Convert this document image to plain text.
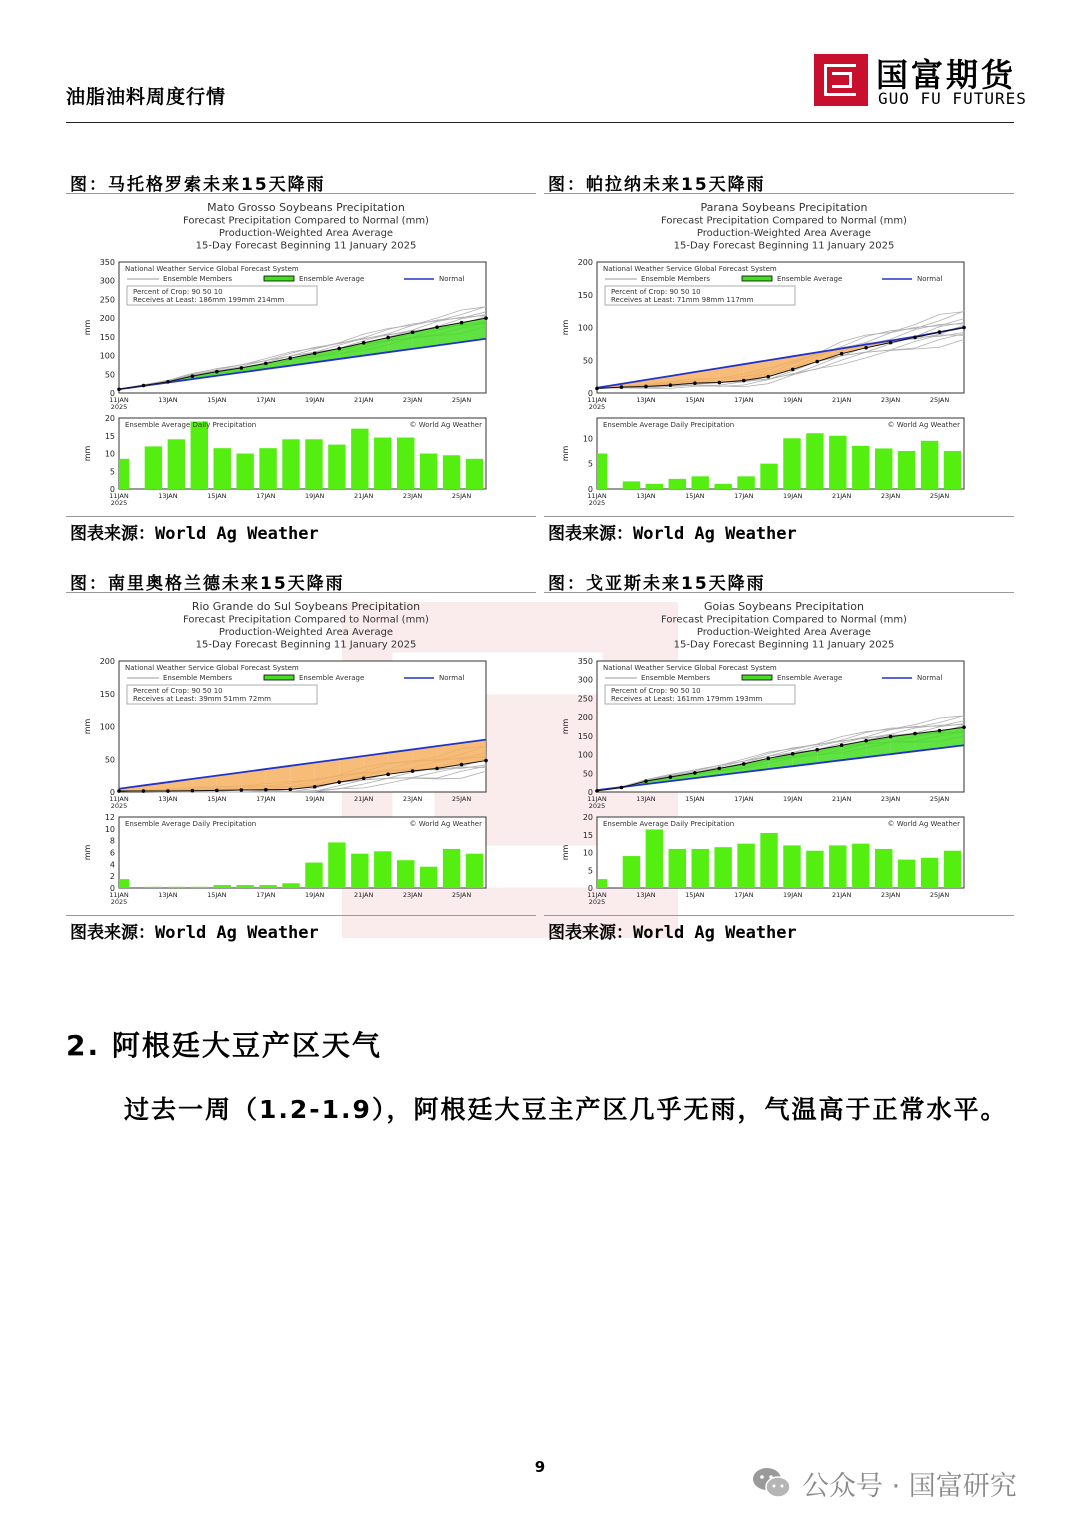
油脂油料周度行情
国富期货
GUO FU FUTURES
图：马托格罗索未来15天降雨
Mato Grosso Soybeans Precipitation
Forecast Precipitation Compared to Normal (mm)
Production-Weighted Area Average
15-Day Forecast Beginning 11 January 2025
0
50
100
150
200
250
300
350
mm
11JAN
2025
13JAN	15JAN	17JAN	19JAN	21JAN	23JAN	25JAN
National Weather Service Global Forecast System
Ensemble Members	Ensemble Average	Normal
Percent of Crop: 90 50 10
Receives at Least: 186mm 199mm 214mm
Ensemble Average Daily Precipitation	© World Ag Weather
0
5
10
15
20
mm
11JAN
2025
13JAN	15JAN	17JAN	19JAN	21JAN	23JAN	25JAN
图表来源：World Ag Weather
图：帕拉纳未来15天降雨
Parana Soybeans Precipitation
Forecast Precipitation Compared to Normal (mm)
Production-Weighted Area Average
15-Day Forecast Beginning 11 January 2025
0
50
100
150
200
mm
11JAN
2025
13JAN	15JAN	17JAN	19JAN	21JAN	23JAN	25JAN
National Weather Service Global Forecast System
Ensemble Members	Ensemble Average	Normal
Percent of Crop: 90 50 10
Receives at Least: 71mm 98mm 117mm
Ensemble Average Daily Precipitation	© World Ag Weather
0
5
10
mm
11JAN
2025
13JAN	15JAN	17JAN	19JAN	21JAN	23JAN	25JAN
图表来源：World Ag Weather
图：南里奥格兰德未来15天降雨
Rio Grande do Sul Soybeans Precipitation
Forecast Precipitation Compared to Normal (mm)
Production-Weighted Area Average
15-Day Forecast Beginning 11 January 2025
0
50
100
150
200
mm
11JAN
2025
13JAN	15JAN	17JAN	19JAN	21JAN	23JAN	25JAN
National Weather Service Global Forecast System
Ensemble Members	Ensemble Average	Normal
Percent of Crop: 90 50 10
Receives at Least: 39mm 51mm 72mm
Ensemble Average Daily Precipitation	© World Ag Weather
0
2
4
6
8
10
12
mm
11JAN
2025
13JAN	15JAN	17JAN	19JAN	21JAN	23JAN	25JAN
图表来源：World Ag Weather
图：戈亚斯未来15天降雨
Goias Soybeans Precipitation
Forecast Precipitation Compared to Normal (mm)
Production-Weighted Area Average
15-Day Forecast Beginning 11 January 2025
0
50
100
150
200
250
300
350
mm
11JAN
2025
13JAN	15JAN	17JAN	19JAN	21JAN	23JAN	25JAN
National Weather Service Global Forecast System
Ensemble Members	Ensemble Average	Normal
Percent of Crop: 90 50 10
Receives at Least: 161mm 179mm 193mm
Ensemble Average Daily Precipitation	© World Ag Weather
0
5
10
15
20
mm
11JAN
2025
13JAN	15JAN	17JAN	19JAN	21JAN	23JAN	25JAN
图表来源：World Ag Weather
2. 阿根廷大豆产区天气
过去一周（1.2-1.9），阿根廷大豆主产区几乎无雨，气温高于正常水平。
9
公众号 · 国富研究
